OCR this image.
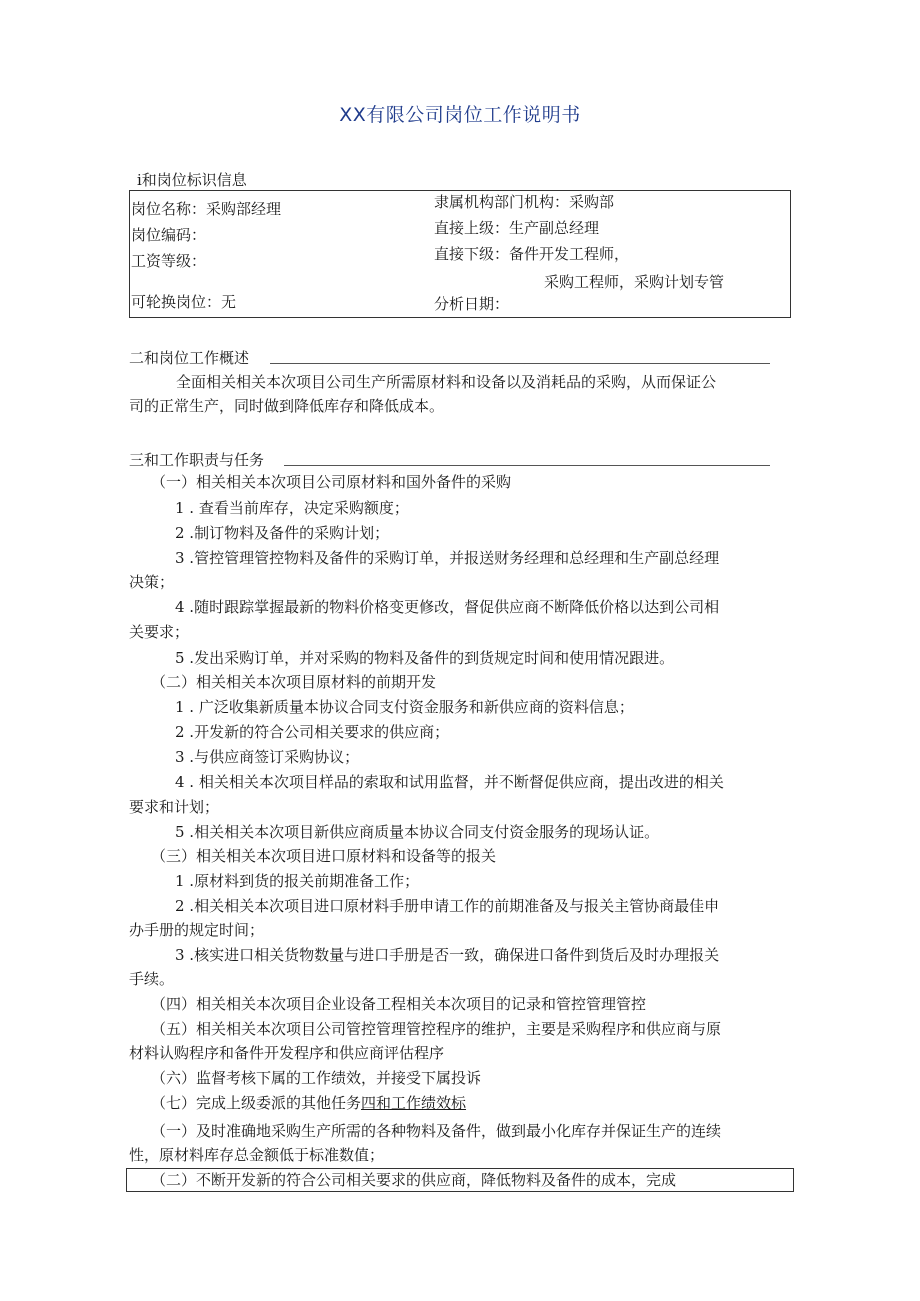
XX有限公司岗位工作说明书
ⅰ和岗位标识信息
岗位名称：采购部经理
岗位编码：
工资等级：
可轮换岗位：无
隶属机构部门机构：采购部
直接上级：生产副总经理
直接下级：备件开发工程师，
采购工程师，采购计划专管
分析日期：
二和岗位工作概述
全面相关相关本次项目公司生产所需原材料和设备以及消耗品的采购，从而保证公
司的正常生产，同时做到降低库存和降低成本。
三和工作职责与任务
（一）相关相关本次项目公司原材料和国外备件的采购
1 . 查看当前库存，决定采购额度；
2 .制订物料及备件的采购计划；
3 .管控管理管控物料及备件的采购订单，并报送财务经理和总经理和生产副总经理
决策；
4 .随时跟踪掌握最新的物料价格变更修改，督促供应商不断降低价格以达到公司相
关要求；
5 .发出采购订单，并对采购的物料及备件的到货规定时间和使用情况跟进。
（二）相关相关本次项目原材料的前期开发
1 . 广泛收集新质量本协议合同支付资金服务和新供应商的资料信息；
2 .开发新的符合公司相关要求的供应商；
3 .与供应商签订采购协议；
4 . 相关相关本次项目样品的索取和试用监督，并不断督促供应商，提出改进的相关
要求和计划；
5 .相关相关本次项目新供应商质量本协议合同支付资金服务的现场认证。
（三）相关相关本次项目进口原材料和设备等的报关
1 .原材料到货的报关前期准备工作；
2 .相关相关本次项目进口原材料手册申请工作的前期准备及与报关主管协商最佳申
办手册的规定时间；
3 .核实进口相关货物数量与进口手册是否一致，确保进口备件到货后及时办理报关
手续。
（四）相关相关本次项目企业设备工程相关本次项目的记录和管控管理管控
（五）相关相关本次项目公司管控管理管控程序的维护，主要是采购程序和供应商与原
材料认购程序和备件开发程序和供应商评估程序
（六）监督考核下属的工作绩效，并接受下属投诉
（七）完成上级委派的其他任务四和工作绩效标
（一）及时准确地采购生产所需的各种物料及备件，做到最小化库存并保证生产的连续
性，原材料库存总金额低于标准数值；
（二）不断开发新的符合公司相关要求的供应商，降低物料及备件的成本，完成
